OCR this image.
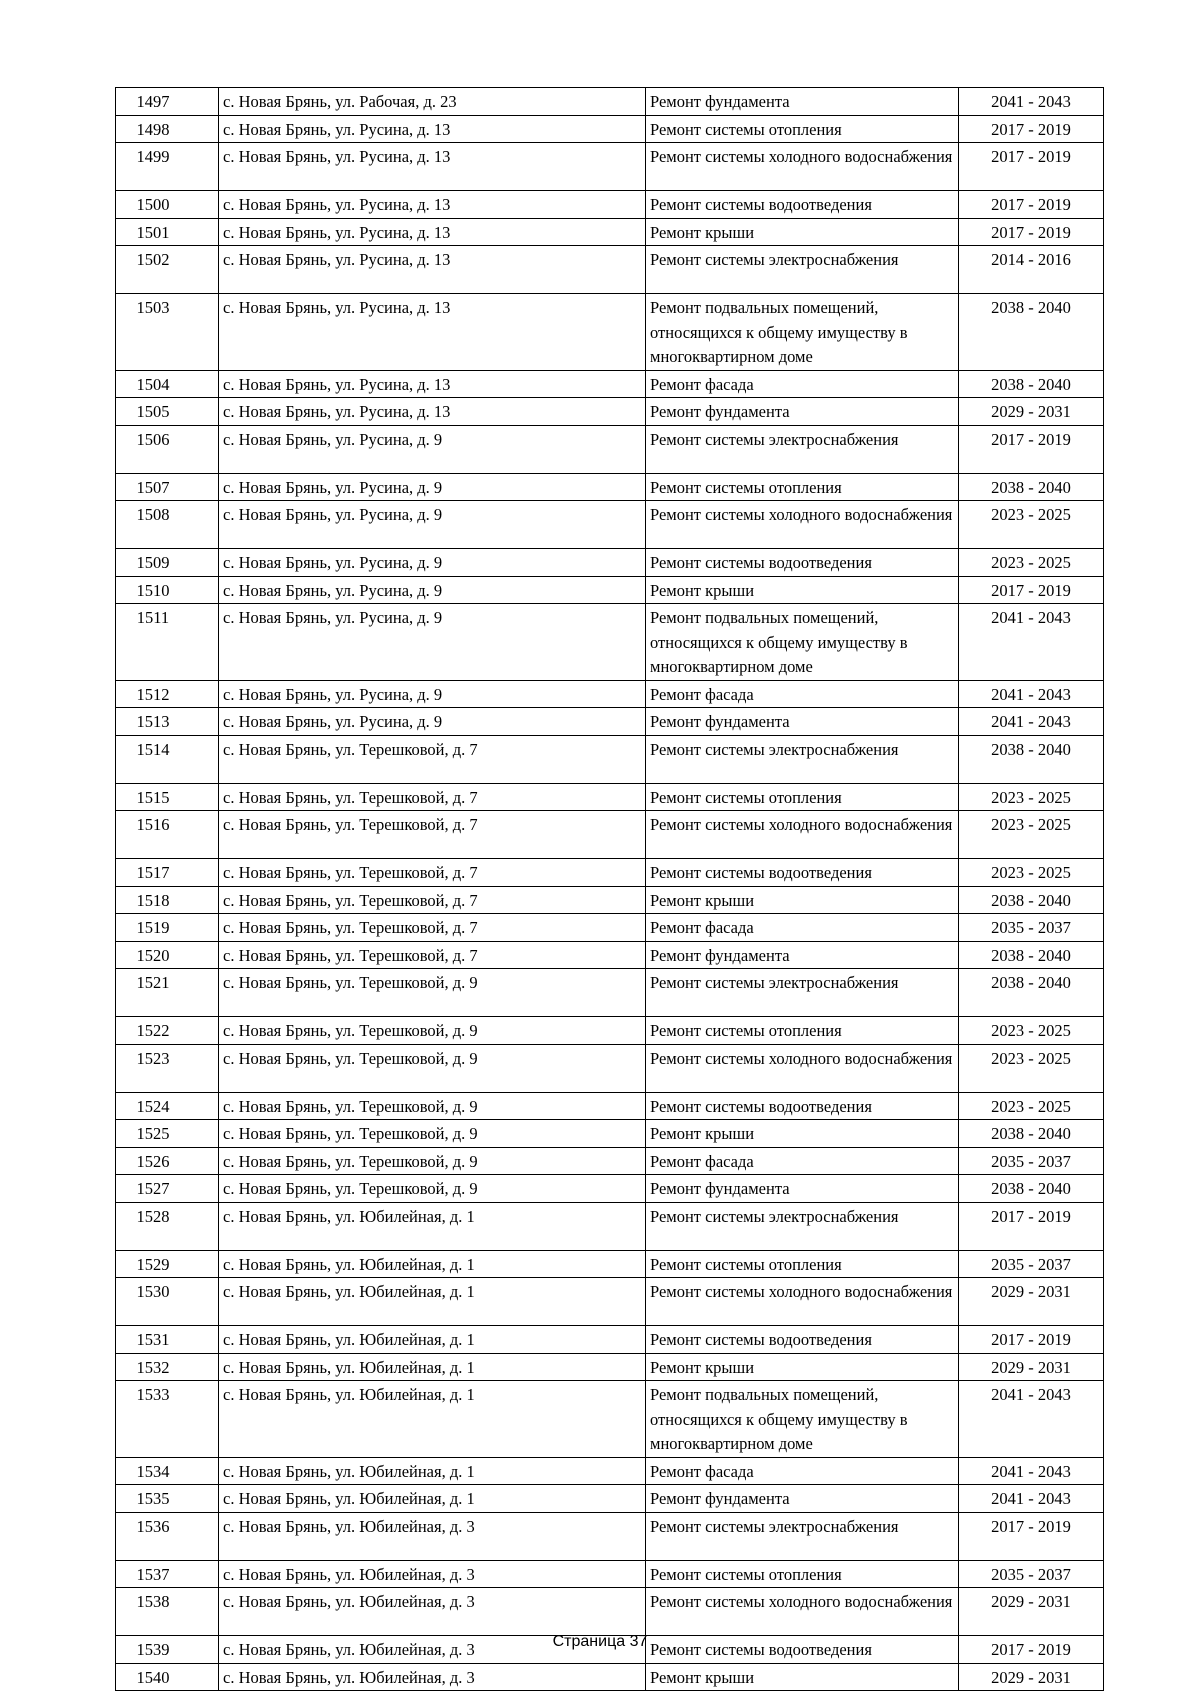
1497	с. Новая Брянь, ул. Рабочая, д. 23	Ремонт фундамента	2041 - 2043
1498	с. Новая Брянь, ул. Русина, д. 13	Ремонт системы отопления	2017 - 2019
1499	с. Новая Брянь, ул. Русина, д. 13	Ремонт системы холодного водоснабжения	2017 - 2019
1500	с. Новая Брянь, ул. Русина, д. 13	Ремонт системы водоотведения	2017 - 2019
1501	с. Новая Брянь, ул. Русина, д. 13	Ремонт крыши	2017 - 2019
1502	с. Новая Брянь, ул. Русина, д. 13	Ремонт системы электроснабжения	2014 - 2016
1503	с. Новая Брянь, ул. Русина, д. 13	Ремонт подвальных помещений, относящихся к общему имуществу в многоквартирном доме	2038 - 2040
1504	с. Новая Брянь, ул. Русина, д. 13	Ремонт фасада	2038 - 2040
1505	с. Новая Брянь, ул. Русина, д. 13	Ремонт фундамента	2029 - 2031
1506	с. Новая Брянь, ул. Русина, д. 9	Ремонт системы электроснабжения	2017 - 2019
1507	с. Новая Брянь, ул. Русина, д. 9	Ремонт системы отопления	2038 - 2040
1508	с. Новая Брянь, ул. Русина, д. 9	Ремонт системы холодного водоснабжения	2023 - 2025
1509	с. Новая Брянь, ул. Русина, д. 9	Ремонт системы водоотведения	2023 - 2025
1510	с. Новая Брянь, ул. Русина, д. 9	Ремонт крыши	2017 - 2019
1511	с. Новая Брянь, ул. Русина, д. 9	Ремонт подвальных помещений, относящихся к общему имуществу в многоквартирном доме	2041 - 2043
1512	с. Новая Брянь, ул. Русина, д. 9	Ремонт фасада	2041 - 2043
1513	с. Новая Брянь, ул. Русина, д. 9	Ремонт фундамента	2041 - 2043
1514	с. Новая Брянь, ул. Терешковой, д. 7	Ремонт системы электроснабжения	2038 - 2040
1515	с. Новая Брянь, ул. Терешковой, д. 7	Ремонт системы отопления	2023 - 2025
1516	с. Новая Брянь, ул. Терешковой, д. 7	Ремонт системы холодного водоснабжения	2023 - 2025
1517	с. Новая Брянь, ул. Терешковой, д. 7	Ремонт системы водоотведения	2023 - 2025
1518	с. Новая Брянь, ул. Терешковой, д. 7	Ремонт крыши	2038 - 2040
1519	с. Новая Брянь, ул. Терешковой, д. 7	Ремонт фасада	2035 - 2037
1520	с. Новая Брянь, ул. Терешковой, д. 7	Ремонт фундамента	2038 - 2040
1521	с. Новая Брянь, ул. Терешковой, д. 9	Ремонт системы электроснабжения	2038 - 2040
1522	с. Новая Брянь, ул. Терешковой, д. 9	Ремонт системы отопления	2023 - 2025
1523	с. Новая Брянь, ул. Терешковой, д. 9	Ремонт системы холодного водоснабжения	2023 - 2025
1524	с. Новая Брянь, ул. Терешковой, д. 9	Ремонт системы водоотведения	2023 - 2025
1525	с. Новая Брянь, ул. Терешковой, д. 9	Ремонт крыши	2038 - 2040
1526	с. Новая Брянь, ул. Терешковой, д. 9	Ремонт фасада	2035 - 2037
1527	с. Новая Брянь, ул. Терешковой, д. 9	Ремонт фундамента	2038 - 2040
1528	с. Новая Брянь, ул. Юбилейная, д. 1	Ремонт системы электроснабжения	2017 - 2019
1529	с. Новая Брянь, ул. Юбилейная, д. 1	Ремонт системы отопления	2035 - 2037
1530	с. Новая Брянь, ул. Юбилейная, д. 1	Ремонт системы холодного водоснабжения	2029 - 2031
1531	с. Новая Брянь, ул. Юбилейная, д. 1	Ремонт системы водоотведения	2017 - 2019
1532	с. Новая Брянь, ул. Юбилейная, д. 1	Ремонт крыши	2029 - 2031
1533	с. Новая Брянь, ул. Юбилейная, д. 1	Ремонт подвальных помещений, относящихся к общему имуществу в многоквартирном доме	2041 - 2043
1534	с. Новая Брянь, ул. Юбилейная, д. 1	Ремонт фасада	2041 - 2043
1535	с. Новая Брянь, ул. Юбилейная, д. 1	Ремонт фундамента	2041 - 2043
1536	с. Новая Брянь, ул. Юбилейная, д. 3	Ремонт системы электроснабжения	2017 - 2019
1537	с. Новая Брянь, ул. Юбилейная, д. 3	Ремонт системы отопления	2035 - 2037
1538	с. Новая Брянь, ул. Юбилейная, д. 3	Ремонт системы холодного водоснабжения	2029 - 2031
1539	с. Новая Брянь, ул. Юбилейная, д. 3	Ремонт системы водоотведения	2017 - 2019
1540	с. Новая Брянь, ул. Юбилейная, д. 3	Ремонт крыши	2029 - 2031
Страница 37
